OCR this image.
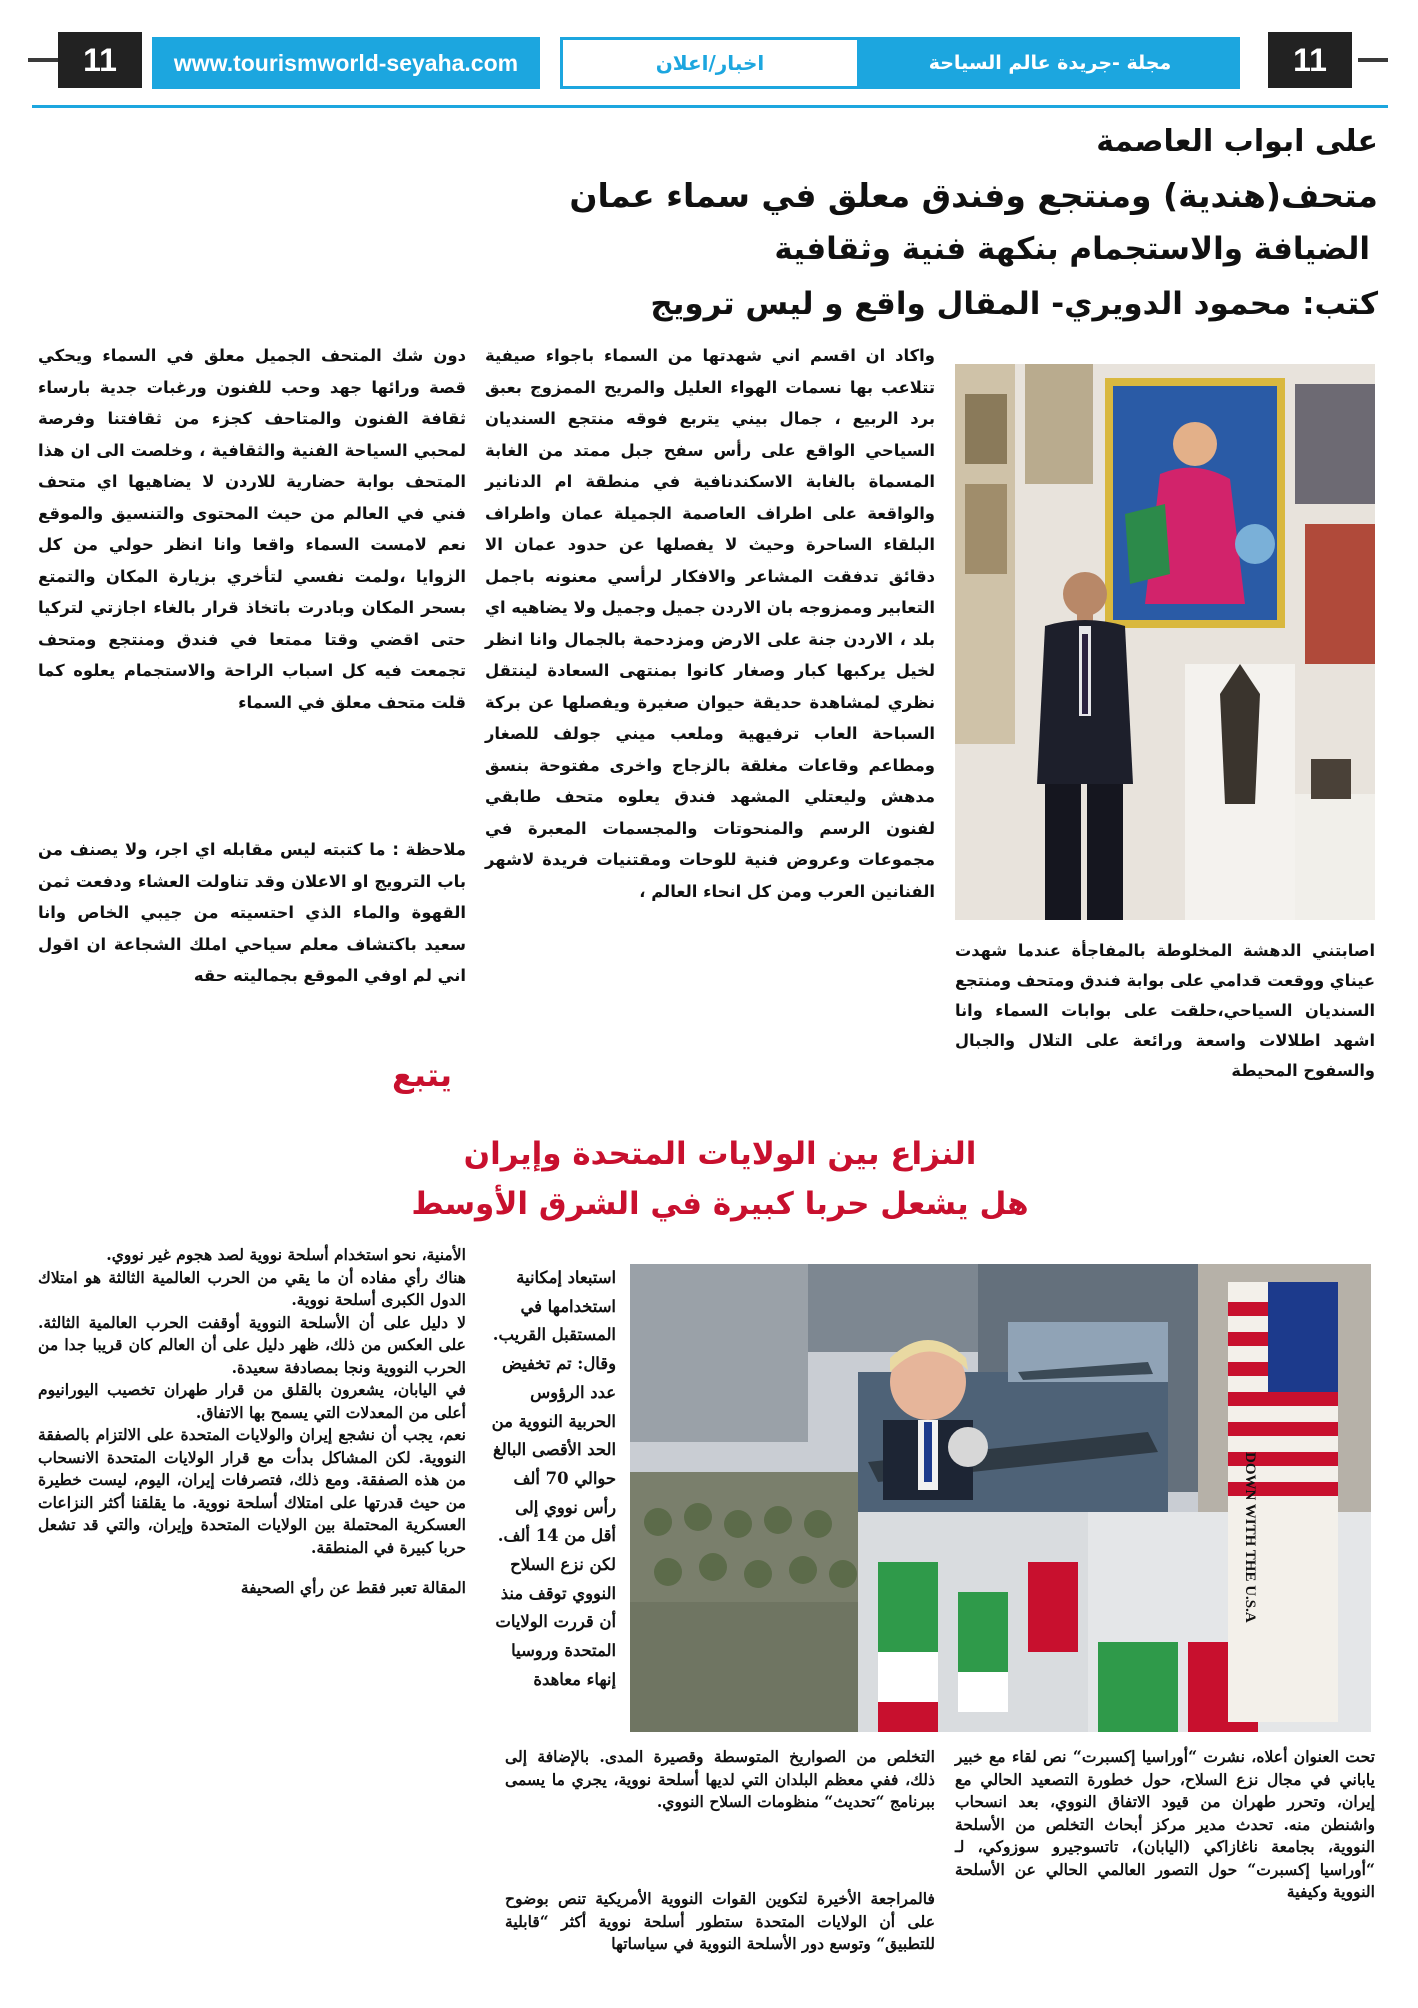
11	www.tourismworld-seyaha.com	اخبار/اعلان	مجلة -جريدة عالم السياحة	11
على ابواب العاصمة
متحف(هندية) ومنتجع وفندق معلق في سماء عمان
الضيافة والاستجمام بنكهة فنية وثقافية
كتب: محمود الدويري- المقال واقع و ليس ترويج
اصابتني الدهشة المخلوطة بالمفاجأة عندما شهدت عيناي ووقعت قدامي على بوابة فندق ومتحف ومنتجع السنديان السياحي،حلقت على بوابات السماء وانا اشهد اطلالات واسعة ورائعة على التلال والجبال والسفوح المحيطة
واكاد ان اقسم اني شهدتها من السماء باجواء صيفية تتلاعب بها نسمات الهواء العليل والمريح الممزوج بعبق برد الربيع ، جمال بيني يتربع فوقه منتجع السنديان السياحي الواقع على رأس سفح جبل ممتد من الغابة المسماة بالغابة الاسكندنافية في منطقة ام الدنانير والواقعة على اطراف العاصمة الجميلة عمان واطراف البلقاء الساحرة وحيث لا يفصلها عن حدود عمان الا دقائق تدفقت المشاعر والافكار لرأسي معنونه باجمل التعابير وممزوجه بان الاردن جميل وجميل ولا يضاهيه اي بلد ، الاردن جنة على الارض ومزدحمة بالجمال وانا انظر لخيل يركبها كبار وصغار كانوا بمنتهى السعادة لينتقل نظري لمشاهدة حديقة حيوان صغيرة ويفصلها عن بركة السباحة العاب ترفيهية وملعب ميني جولف للصغار ومطاعم وقاعات مغلقة بالزجاج واخرى مفتوحة بنسق مدهش وليعتلي المشهد فندق يعلوه متحف طابقي لفنون الرسم والمنحوتات والمجسمات المعبرة في مجموعات وعروض فنية للوحات ومقتنيات فريدة لاشهر الفنانين العرب ومن كل انحاء العالم ،
دون شك المتحف الجميل معلق في السماء ويحكي قصة ورائها جهد وحب للفنون ورغبات جدية بارساء ثقافة الفنون والمتاحف كجزء من ثقافتنا وفرصة لمحبي السياحة الفنية والثقافية ، وخلصت الى ان هذا المتحف بوابة حضارية للاردن لا يضاهيها اي متحف فني في العالم من حيث المحتوى والتنسيق والموقع نعم لامست السماء واقعا وانا انظر حولي من كل الزوايا ،ولمت نفسي لتأخري بزيارة المكان والتمتع بسحر المكان وبادرت باتخاذ قرار بالغاء اجازتي لتركيا حتى اقضي وقتا ممتعا في فندق ومنتجع ومتحف تجمعت فيه كل اسباب الراحة والاستجمام يعلوه كما قلت متحف معلق في السماء
ملاحظة : ما كتبته ليس مقابله اي اجر، ولا يصنف من باب الترويج او الاعلان وقد تناولت العشاء ودفعت ثمن القهوة والماء الذي احتسيته من جيبي الخاص وانا سعيد باكتشاف معلم سياحي املك الشجاعة ان اقول اني لم اوفي الموقع بجماليته حقه
يتبع
النزاع بين الولايات المتحدة وإيران
هل يشعل حربا كبيرة في الشرق الأوسط
DOWN WITH THE U.S.A
استبعاد إمكانية استخدامها في المستقبل القريب. وقال: تم تخفيض عدد الرؤوس الحربية النووية من الحد الأقصى البالغ حوالي 70 ألف رأس نووي إلى أقل من 14 ألف. لكن نزع السلاح النووي توقف منذ أن قررت الولايات المتحدة وروسيا إنهاء معاهدة
تحت العنوان أعلاه، نشرت “أوراسيا إكسبرت“ نص لقاء مع خبير ياباني في مجال نزع السلاح، حول خطورة التصعيد الحالي مع إيران، وتحرر طهران من قيود الاتفاق النووي، بعد انسحاب واشنطن منه. تحدث مدير مركز أبحاث التخلص من الأسلحة النووية، بجامعة ناغازاكي (اليابان)، تاتسوجيرو سوزوكي، لـ “أوراسيا إكسبرت“ حول التصور العالمي الحالي عن الأسلحة النووية وكيفية
التخلص من الصواريخ المتوسطة وقصيرة المدى. بالإضافة إلى ذلك، ففي معظم البلدان التي لديها أسلحة نووية، يجري ما يسمى ببرنامج “تحديث“ منظومات السلاح النووي.
فالمراجعة الأخيرة لتكوين القوات النووية الأمريكية تنص بوضوح على أن الولايات المتحدة ستطور أسلحة نووية أكثر “قابلية للتطبيق“ وتوسع دور الأسلحة النووية في سياساتها

الأمنية، نحو استخدام أسلحة نووية لصد هجوم غير نووي.

هناك رأي مفاده أن ما يقي من الحرب العالمية الثالثة هو امتلاك الدول الكبرى أسلحة نووية.

لا دليل على أن الأسلحة النووية أوقفت الحرب العالمية الثالثة. على العكس من ذلك، ظهر دليل على أن العالم كان قريبا جدا من الحرب النووية ونجا بمصادفة سعيدة.

في اليابان، يشعرون بالقلق من قرار طهران تخصيب اليورانيوم أعلى من المعدلات التي يسمح بها الاتفاق.

نعم، يجب أن نشجع إيران والولايات المتحدة على الالتزام بالصفقة النووية. لكن المشاكل بدأت مع قرار الولايات المتحدة الانسحاب من هذه الصفقة. ومع ذلك، فتصرفات إيران، اليوم، ليست خطيرة من حيث قدرتها على امتلاك أسلحة نووية. ما يقلقنا أكثر النزاعات العسكرية المحتملة بين الولايات المتحدة وإيران، والتي قد تشعل حربا كبيرة في المنطقة.

المقالة تعبر فقط عن رأي الصحيفة
